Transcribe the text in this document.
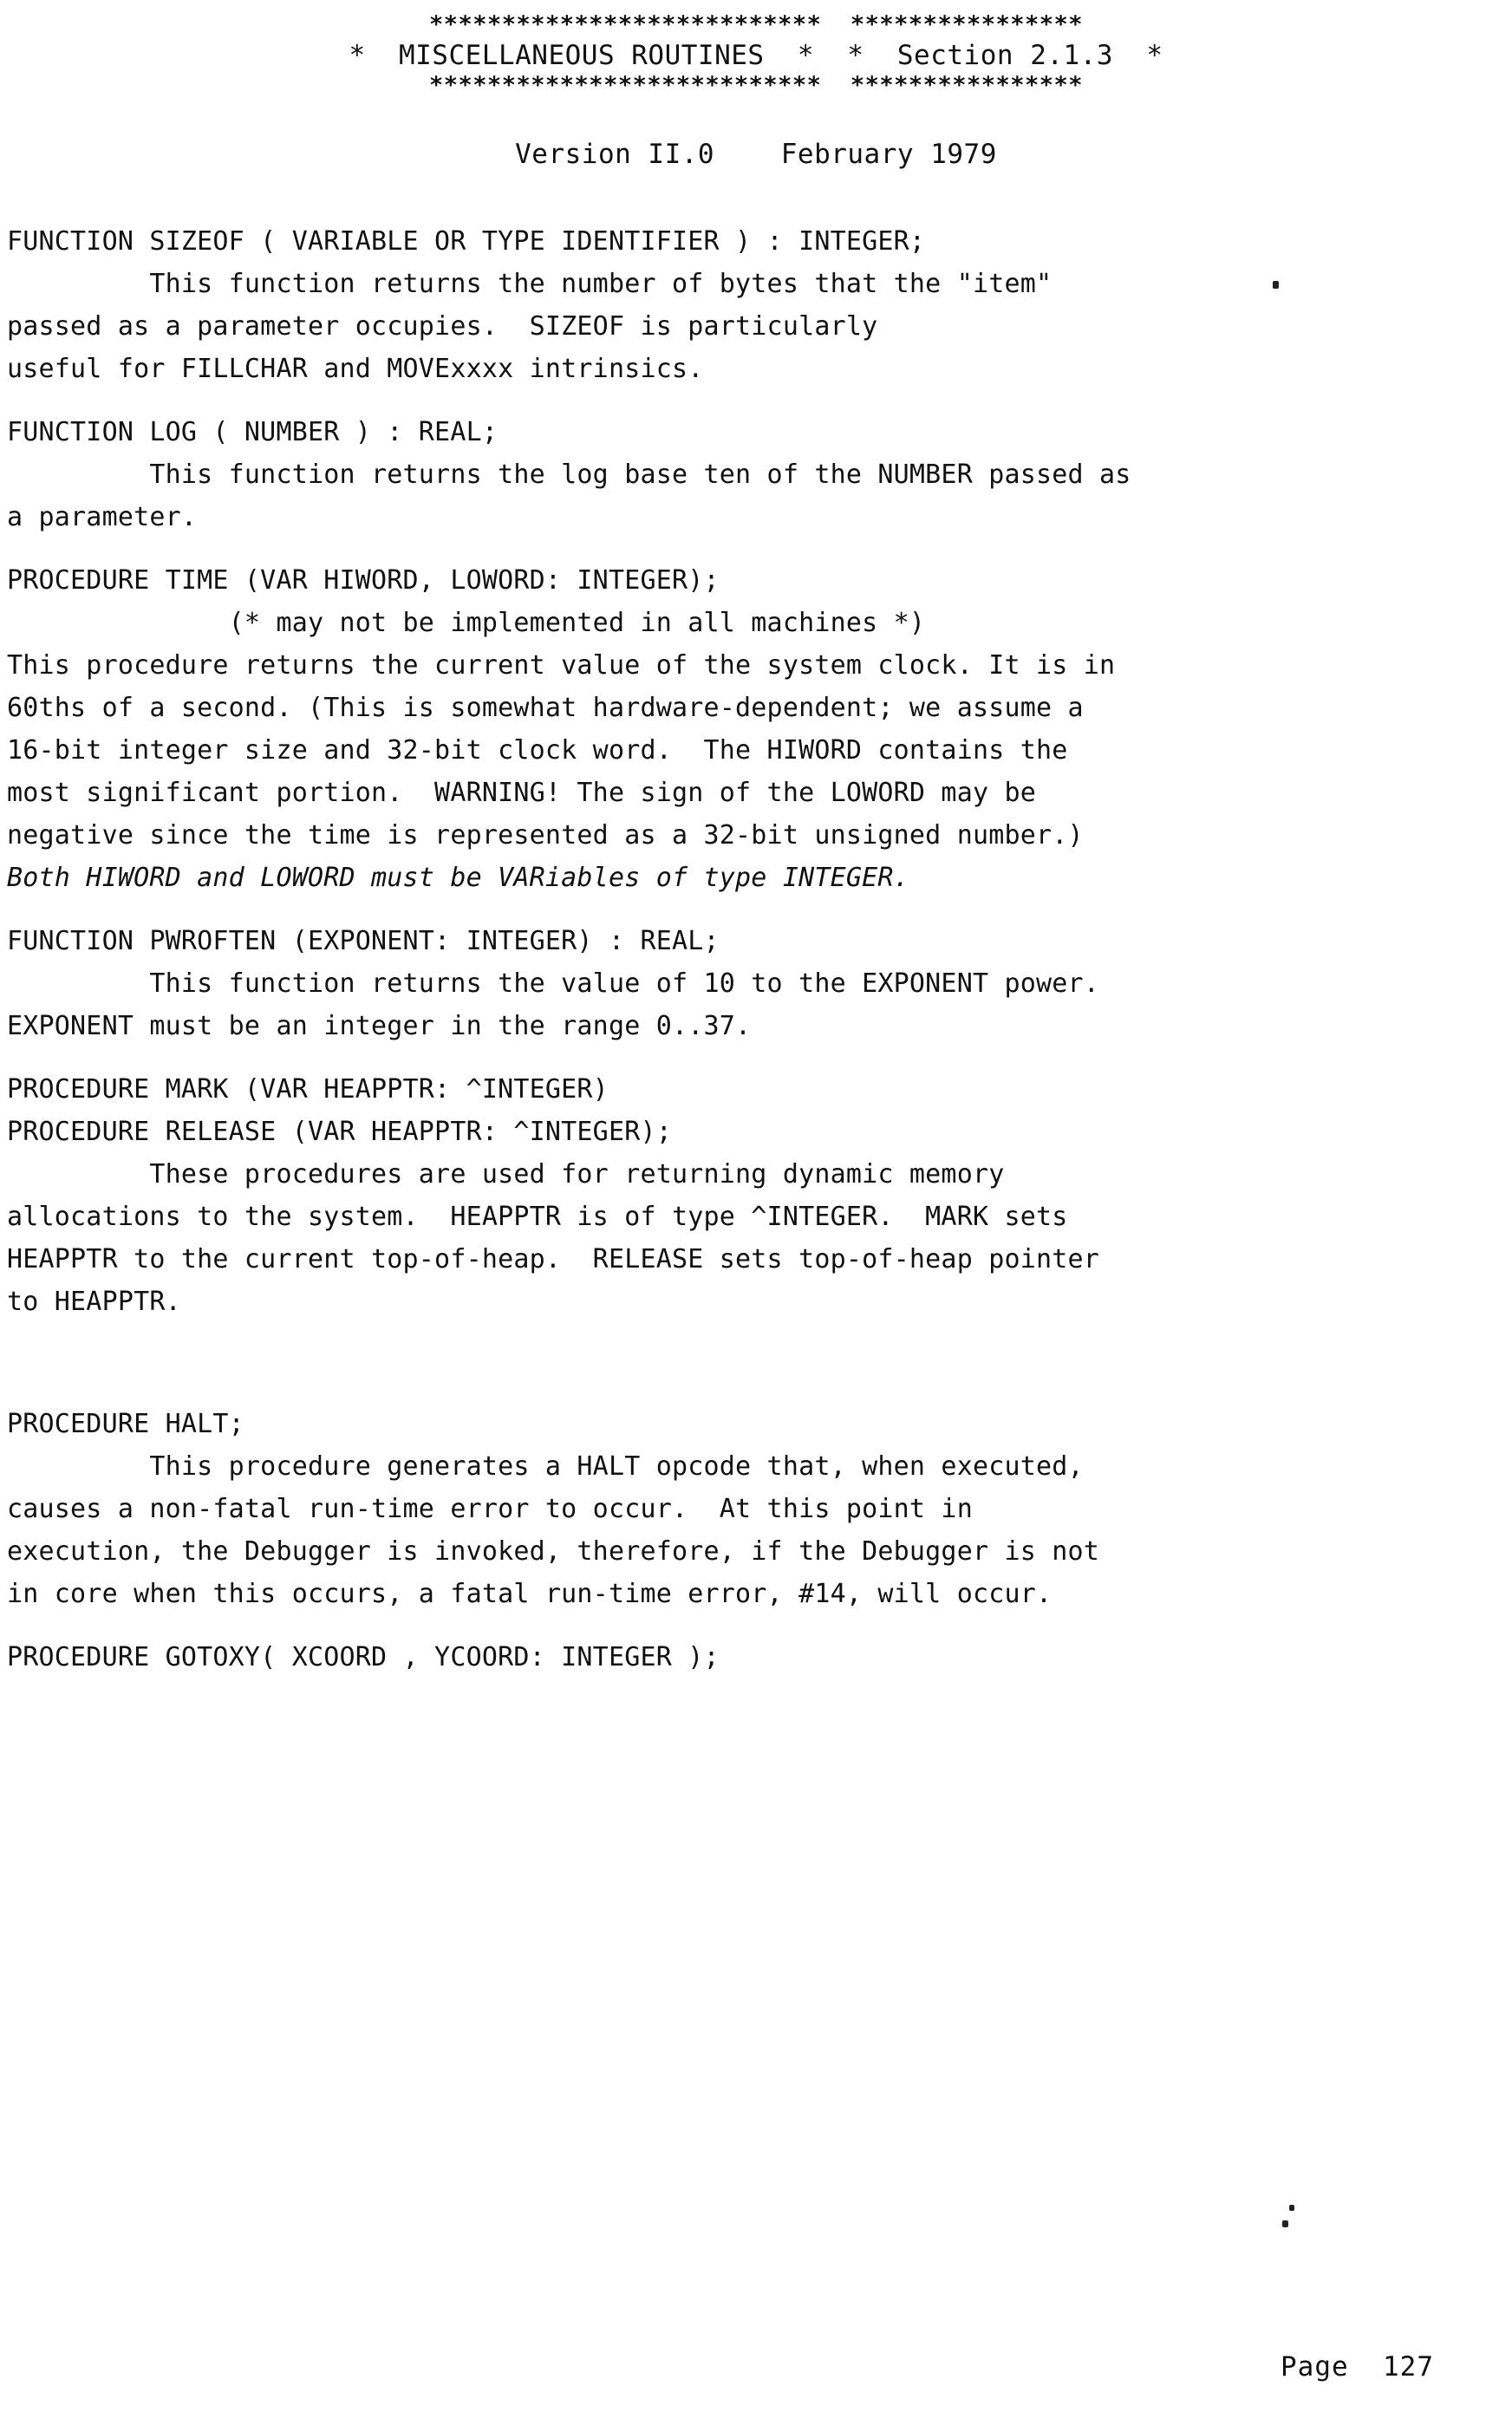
***************************  ****************
*  MISCELLANEOUS ROUTINES  *  *  Section 2.1.3  *
***************************  ****************
Version II.0    February 1979
FUNCTION SIZEOF ( VARIABLE OR TYPE IDENTIFIER ) : INTEGER;
This function returns the number of bytes that the "item"
passed as a parameter occupies.  SIZEOF is particularly
useful for FILLCHAR and MOVExxxx intrinsics.
FUNCTION LOG ( NUMBER ) : REAL;
This function returns the log base ten of the NUMBER passed as
a parameter.
PROCEDURE TIME (VAR HIWORD, LOWORD: INTEGER);
(* may not be implemented in all machines *)
This procedure returns the current value of the system clock. It is in
60ths of a second. (This is somewhat hardware-dependent; we assume a
16-bit integer size and 32-bit clock word.  The HIWORD contains the
most significant portion.  WARNING! The sign of the LOWORD may be
negative since the time is represented as a 32-bit unsigned number.)
Both HIWORD and LOWORD must be VARiables of type INTEGER.
FUNCTION PWROFTEN (EXPONENT: INTEGER) : REAL;
This function returns the value of 10 to the EXPONENT power.
EXPONENT must be an integer in the range 0..37.
PROCEDURE MARK (VAR HEAPPTR: ^INTEGER)
PROCEDURE RELEASE (VAR HEAPPTR: ^INTEGER);
These procedures are used for returning dynamic memory
allocations to the system.  HEAPPTR is of type ^INTEGER.  MARK sets
HEAPPTR to the current top-of-heap.  RELEASE sets top-of-heap pointer
to HEAPPTR.
PROCEDURE HALT;
This procedure generates a HALT opcode that, when executed,
causes a non-fatal run-time error to occur.  At this point in
execution, the Debugger is invoked, therefore, if the Debugger is not
in core when this occurs, a fatal run-time error, #14, will occur.
PROCEDURE GOTOXY( XCOORD , YCOORD: INTEGER );
Page  127
